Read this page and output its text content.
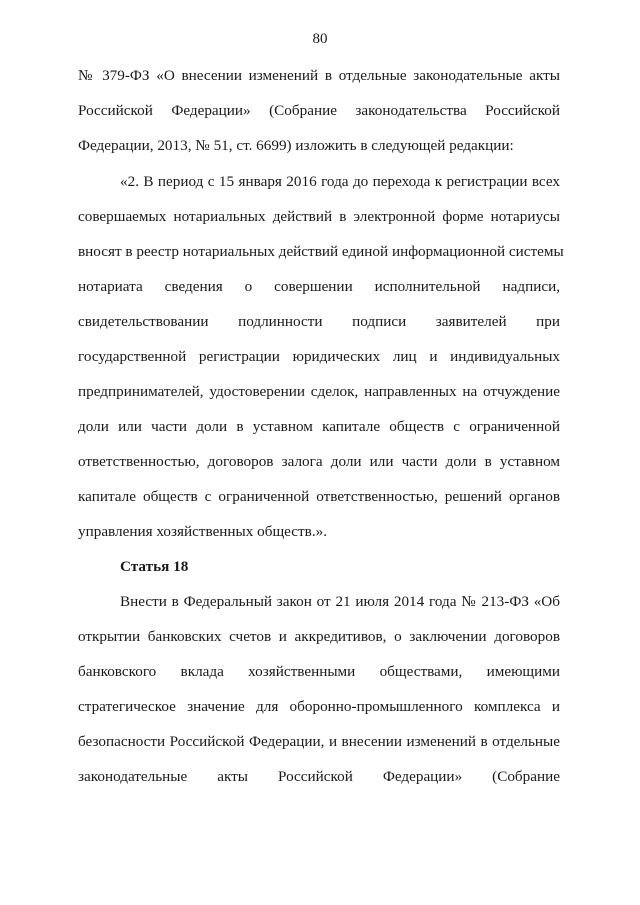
80
№ 379-ФЗ «О внесении изменений в отдельные законодательные акты
Российской Федерации» (Собрание законодательства Российской
Федерации, 2013, № 51, ст. 6699) изложить в следующей редакции:
«2. В период с 15 января 2016 года до перехода к регистрации всех
совершаемых нотариальных действий в электронной форме нотариусы
вносят в реестр нотариальных действий единой информационной системы
нотариата сведения о совершении исполнительной надписи,
свидетельствовании подлинности подписи заявителей при
государственной регистрации юридических лиц и индивидуальных
предпринимателей, удостоверении сделок, направленных на отчуждение
доли или части доли в уставном капитале обществ с ограниченной
ответственностью, договоров залога доли или части доли в уставном
капитале обществ с ограниченной ответственностью, решений органов
управления хозяйственных обществ.».
Статья 18
Внести в Федеральный закон от 21 июля 2014 года № 213-ФЗ «Об
открытии банковских счетов и аккредитивов, о заключении договоров
банковского вклада хозяйственными обществами, имеющими
стратегическое значение для оборонно-промышленного комплекса и
безопасности Российской Федерации, и внесении изменений в отдельные
законодательные акты Российской Федерации» (Собрание
